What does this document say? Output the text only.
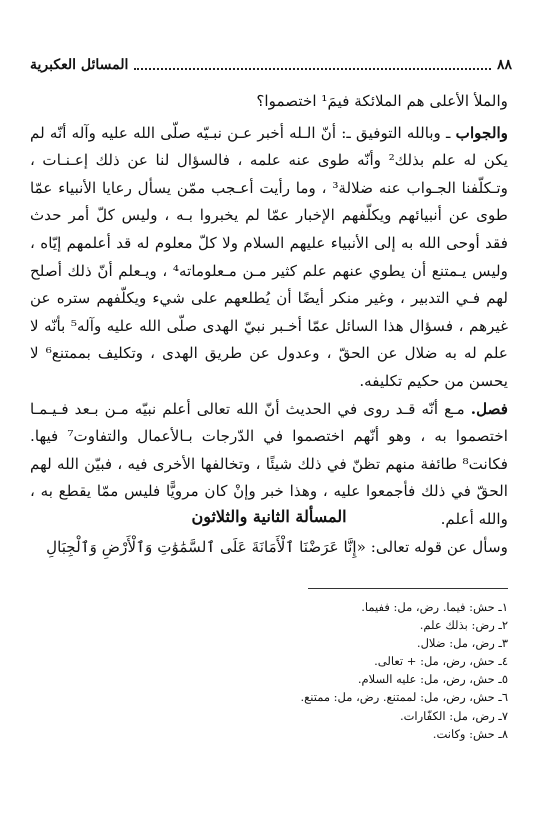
٨٨
المسائل العكبرية

والملأ الأعلى هم الملائكة فيمَ¹ اختصموا؟

والجواب ـ وبالله التوفيق ـ: أنّ الـله أخبر عـن نبـيّه صلّى الله عليه وآله أنّه لم يكن له علم بذلك² وأنّه طوى عنه علمه ، فالسؤال لنا عن ذلك إعـنـات ، وتـكلّفنا الجـواب عنه ضلالة³ ، وما رأيت أعـجب ممّن يسأل رعايا الأنبياء عمّا طوى عن أنبيائهم ويكلّفهم الإخبار عمّا لم يخبروا بـه ، وليس كلّ أمر حدث فقد أوحى الله به إلى الأنبياء عليهم السلام ولا كلّ معلوم له قد أعلمهم إيّاه ، وليس يـمتنع أن يطوي عنهم علم كثير مـن مـعلوماته⁴ ، ويـعلم أنّ ذلك أصلح لهم فـي التدبير ، وغير منكر أيضًا أن يُطلعهم على شيء ويكلّفهم ستره عن غيرهم ، فسؤال هذا السائل عمّا أخـبر نبيّ الهدى صلّى الله عليه وآله⁵ بأنّه لا علم له به ضلال عن الحقّ ، وعدول عن طريق الهدى ، وتكليف بممتنع⁶ لا يحسن من حكيم تكليفه.

فصل. مـع أنّه قـد روى في الحديث أنّ الله تعالى أعلم نبيّه مـن بـعد فـيـمـا اختصموا به ، وهو أنّهم اختصموا في الدّرجات بـالأعمال والتفاوت⁷ فيها. فكانت⁸ طائفة منهم تظنّ في ذلك شيئًا ، وتخالفها الأخرى فيه ، فبيّن الله لهم الحقّ في ذلك فأجمعوا عليه ، وهذا خبر وإنْ كان مرويًّا فليس ممّا يقطع به ، والله أعلم.

المسألة الثانية والثلاثون
وسأل عن قوله تعالى: «إِنَّا عَرَضْنَا ٱلْأَمَانَةَ عَلَى ٱلسَّمَٰوَٰتِ وَٱلْأَرْضِ وَٱلْجِبَالِ
١ـ حش: فيما. رض، مل: ففيما.
٢ـ رض: بذلك علم.
٣ـ رض، مل: ضلال.
٤ـ حش، رض، مل: + تعالى.
٥ـ حش، رض، مل: عليه السلام.
٦ـ حش، رض، مل: لممتنع. رض، مل: ممتنع.
٧ـ رض، مل: الكفّارات.
٨ـ حش: وكانت.
